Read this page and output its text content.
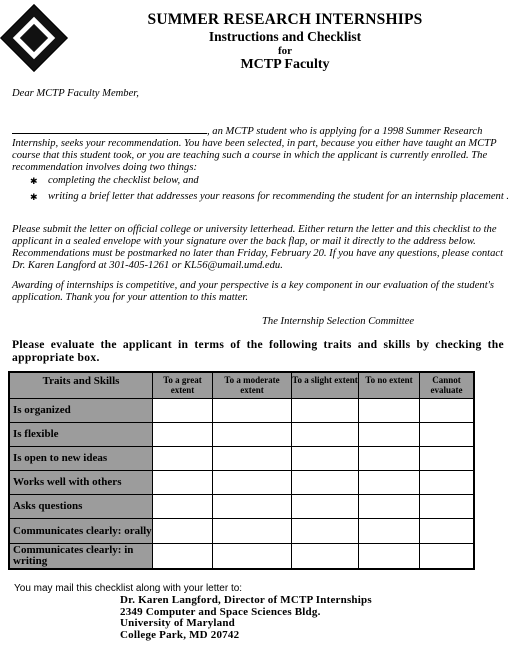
SUMMER RESEARCH INTERNSHIPS
Instructions and Checklist
for
MCTP Faculty

Dear MCTP Faculty Member,

, an MCTP student who is applying for a 1998 Summer Research Internship, seeks your recommendation. You have been selected, in part, because you either have taught an MCTP course that this student took, or you are teaching such a course in which the applicant is currently enrolled. The recommendation involves doing two things:

✱ completing the checklist below, and
✱ writing a brief letter that addresses your reasons for recommending the student for an internship placement .

Please submit the letter on official college or university letterhead. Either return the letter and this checklist to the applicant in a sealed envelope with your signature over the back flap, or mail it directly to the address below. Recommendations must be postmarked no later than Friday, February 20. If you have any questions, please contact Dr. Karen Langford at 301-405-1261 or KL56@umail.umd.edu.

Awarding of internships is competitive, and your perspective is a key component in our evaluation of the student's application. Thank you for your attention to this matter.

The Internship Selection Committee

Please evaluate the applicant in terms of the following traits and skills by checking the appropriate box.

Traits and Skills	To a great extent	To a moderate extent	To a slight extent	To no extent	Cannot evaluate
Is organized					
Is flexible					
Is open to new ideas					
Works well with others					
Asks questions					
Communicates clearly: orally					
Communicates clearly: in writing					

You may mail this checklist along with your letter to:

Dr. Karen Langford, Director of MCTP Internships
2349 Computer and Space Sciences Bldg.
University of Maryland
College Park, MD 20742
